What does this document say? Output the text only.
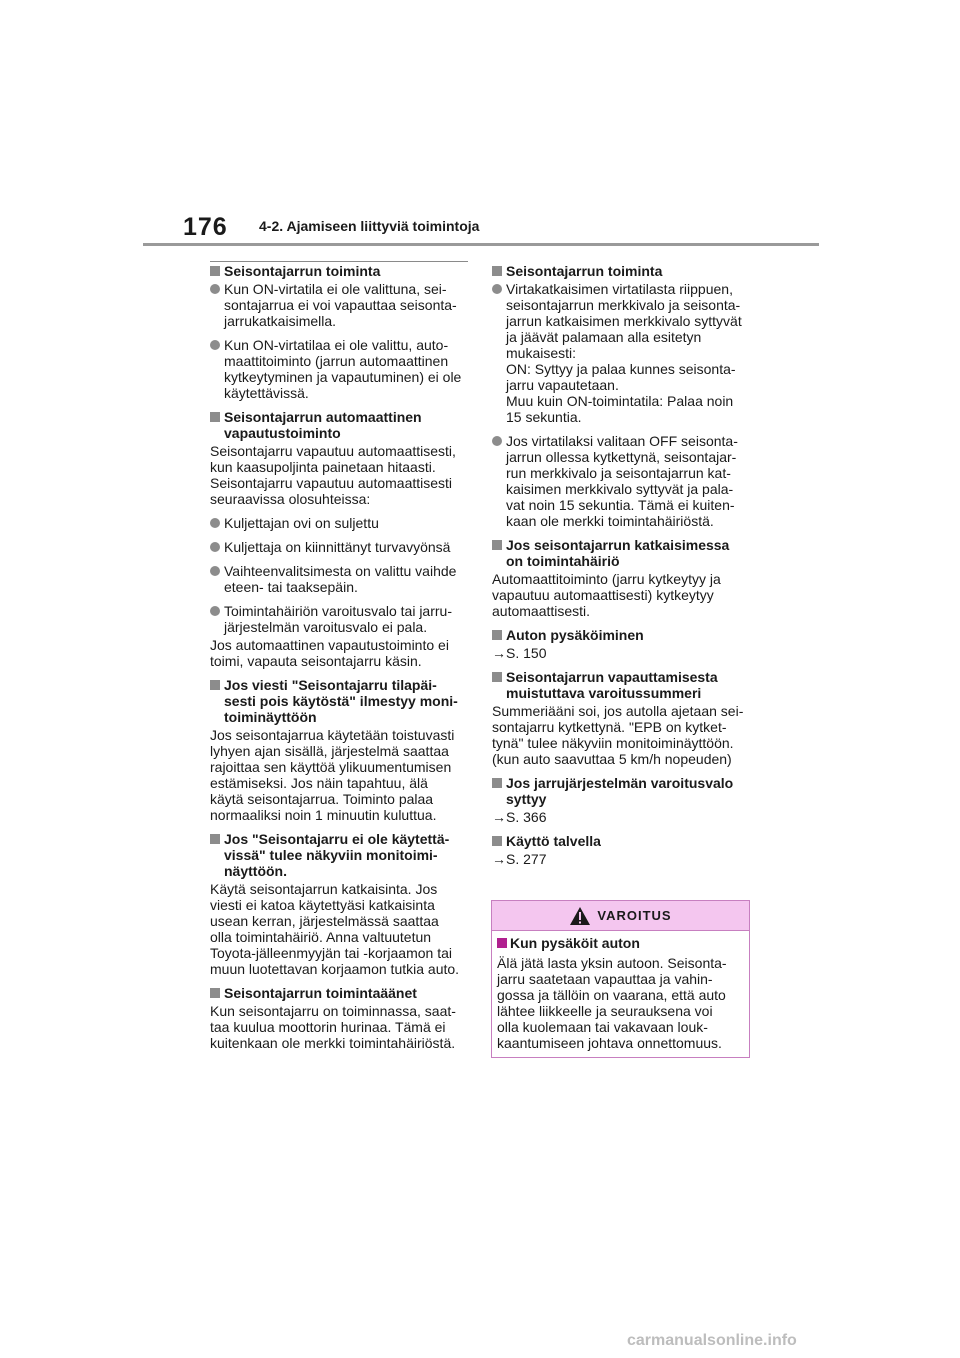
176 4-2. Ajamiseen liittyviä toimintoja
Seisontajarrun toiminta
Kun ON-virtatila ei ole valittuna, sei-
sontajarrua ei voi vapauttaa seisonta-
jarrukatkaisimella.
Kun ON-virtatilaa ei ole valittu, auto-
maattitoiminto (jarrun automaattinen
kytkeytyminen ja vapautuminen) ei ole
käytettävissä.
Seisontajarrun automaattinen
vapautustoiminto
Seisontajarru vapautuu automaattisesti,
kun kaasupoljinta painetaan hitaasti.
Seisontajarru vapautuu automaattisesti
seuraavissa olosuhteissa:
Kuljettajan ovi on suljettu
Kuljettaja on kiinnittänyt turvavyönsä
Vaihteenvalitsimesta on valittu vaihde
eteen- tai taaksepäin.
Toimintahäiriön varoitusvalo tai jarru-
järjestelmän varoitusvalo ei pala.
Jos automaattinen vapautustoiminto ei
toimi, vapauta seisontajarru käsin.
Jos viesti "Seisontajarru tilapäi-
sesti pois käytöstä" ilmestyy moni-
toiminäyttöön
Jos seisontajarrua käytetään toistuvasti
lyhyen ajan sisällä, järjestelmä saattaa
rajoittaa sen käyttöä ylikuumentumisen
estämiseksi. Jos näin tapahtuu, älä
käytä seisontajarrua. Toiminto palaa
normaaliksi noin 1 minuutin kuluttua.
Jos "Seisontajarru ei ole käytettä-
vissä" tulee näkyviin monitoimi-
näyttöön.
Käytä seisontajarrun katkaisinta. Jos
viesti ei katoa käytettyäsi katkaisinta
usean kerran, järjestelmässä saattaa
olla toimintahäiriö. Anna valtuutetun
Toyota-jälleenmyyjän tai -korjaamon tai
muun luotettavan korjaamon tutkia auto.
Seisontajarrun toimintaäänet
Kun seisontajarru on toiminnassa, saat-
taa kuulua moottorin hurinaa. Tämä ei
kuitenkaan ole merkki toimintahäiriöstä.
Seisontajarrun toiminta
Virtakatkaisimen virtatilasta riippuen,
seisontajarrun merkkivalo ja seisonta-
jarrun katkaisimen merkkivalo syttyvät
ja jäävät palamaan alla esitetyn
mukaisesti:
ON: Syttyy ja palaa kunnes seisonta-
jarru vapautetaan.
Muu kuin ON-toimintatila: Palaa noin
15 sekuntia.
Jos virtatilaksi valitaan OFF seisonta-
jarrun ollessa kytkettynä, seisontajar-
run merkkivalo ja seisontajarrun kat-
kaisimen merkkivalo syttyvät ja pala-
vat noin 15 sekuntia. Tämä ei kuiten-
kaan ole merkki toimintahäiriöstä.
Jos seisontajarrun katkaisimessa
on toimintahäiriö
Automaattitoiminto (jarru kytkeytyy ja
vapautuu automaattisesti) kytkeytyy
automaattisesti.
Auton pysäköiminen
→S. 150
Seisontajarrun vapauttamisesta
muistuttava varoitussummeri
Summeriääni soi, jos autolla ajetaan sei-
sontajarru kytkettynä. "EPB on kytket-
tynä" tulee näkyviin monitoiminäyttöön.
(kun auto saavuttaa 5 km/h nopeuden)
Jos jarrujärjestelmän varoitusvalo
syttyy
→S. 366
Käyttö talvella
→S. 277
VAROITUS
Kun pysäköit auton
Älä jätä lasta yksin autoon. Seisonta-
jarru saatetaan vapauttaa ja vahin-
gossa ja tällöin on vaarana, että auto
lähtee liikkeelle ja seurauksena voi
olla kuolemaan tai vakavaan louk-
kaantumiseen johtava onnettomuus.
carmanualsonline.info
